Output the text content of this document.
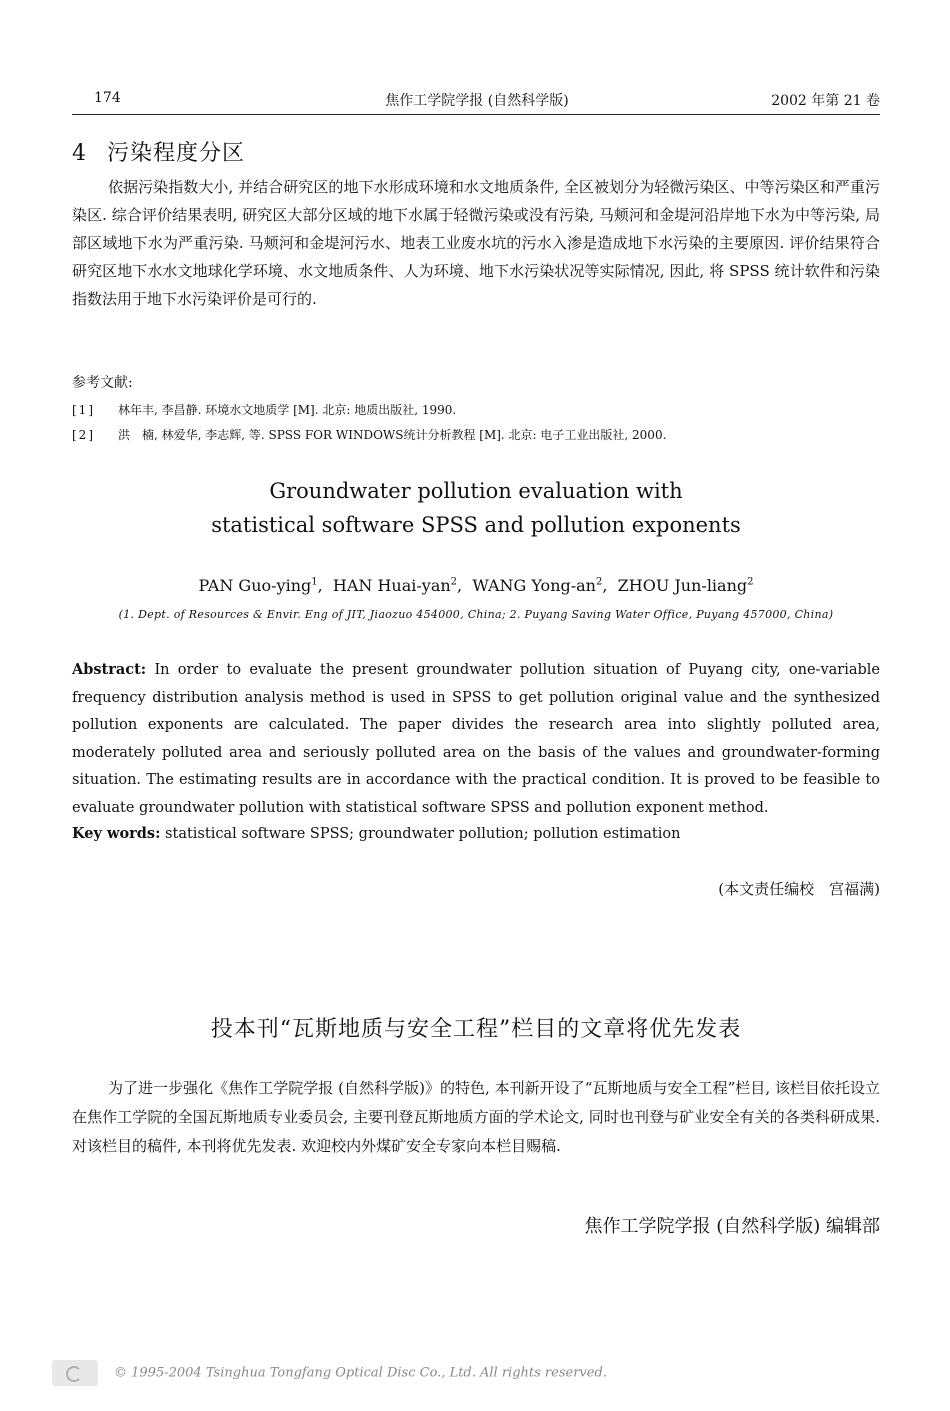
174	焦作工学院学报 (自然科学版)	2002 年第 21 卷
4 污染程度分区
依据污染指数大小, 并结合研究区的地下水形成环境和水文地质条件, 全区被划分为轻微污染区、中等污染区和严重污染区. 综合评价结果表明, 研究区大部分区域的地下水属于轻微污染或没有污染, 马颊河和金堤河沿岸地下水为中等污染, 局部区域地下水为严重污染. 马颊河和金堤河污水、地表工业废水坑的污水入渗是造成地下水污染的主要原因. 评价结果符合研究区地下水水文地球化学环境、水文地质条件、人为环境、地下水污染状况等实际情况, 因此, 将 SPSS 统计软件和污染指数法用于地下水污染评价是可行的.
参考文献:
[1] 林年丰, 李昌静. 环境水文地质学 [M]. 北京: 地质出版社, 1990.
[2] 洪　楠, 林爱华, 李志辉, 等. SPSS FOR WINDOWS统计分析教程 [M]. 北京: 电子工业出版社, 2000.
Groundwater pollution evaluation with
statistical software SPSS and pollution exponents
PAN Guo-ying$^1$,  HAN Huai-yan$^2$,  WANG Yong-$an^2$,  ZHOU Jun-liang$^2$
(1. Dept. of Resources & Envir. Eng of JIT, Jiaozuo 454000, China; 2. Puyang Saving Water Office, Puyang 457000, China)
Abstract: In order to evaluate the present groundwater pollution situation of Puyang city, one-variable frequency distribution analysis method is used in SPSS to get pollution original value and the synthesized pollution exponents are calculated. The paper divides the research area into slightly polluted area, moderately polluted area and seriously polluted area on the basis of the values and groundwater-forming situation. The estimating results are in accordance with the practical condition. It is proved to be feasible to evaluate groundwater pollution with statistical software SPSS and pollution exponent method.
Key words: statistical software SPSS; groundwater pollution; pollution estimation
(本文责任编校　宫福满)
投本刊“瓦斯地质与安全工程”栏目的文章将优先发表
为了进一步强化《焦作工学院学报 (自然科学版)》的特色, 本刊新开设了“瓦斯地质与安全工程”栏目, 该栏目依托设立在焦作工学院的全国瓦斯地质专业委员会, 主要刊登瓦斯地质方面的学术论文, 同时也刊登与矿业安全有关的各类科研成果. 对该栏目的稿件, 本刊将优先发表. 欢迎校内外煤矿安全专家向本栏目赐稿.
焦作工学院学报 (自然科学版) 编辑部
© 1995-2004 Tsinghua Tongfang Optical Disc Co., Ltd. All rights reserved.
